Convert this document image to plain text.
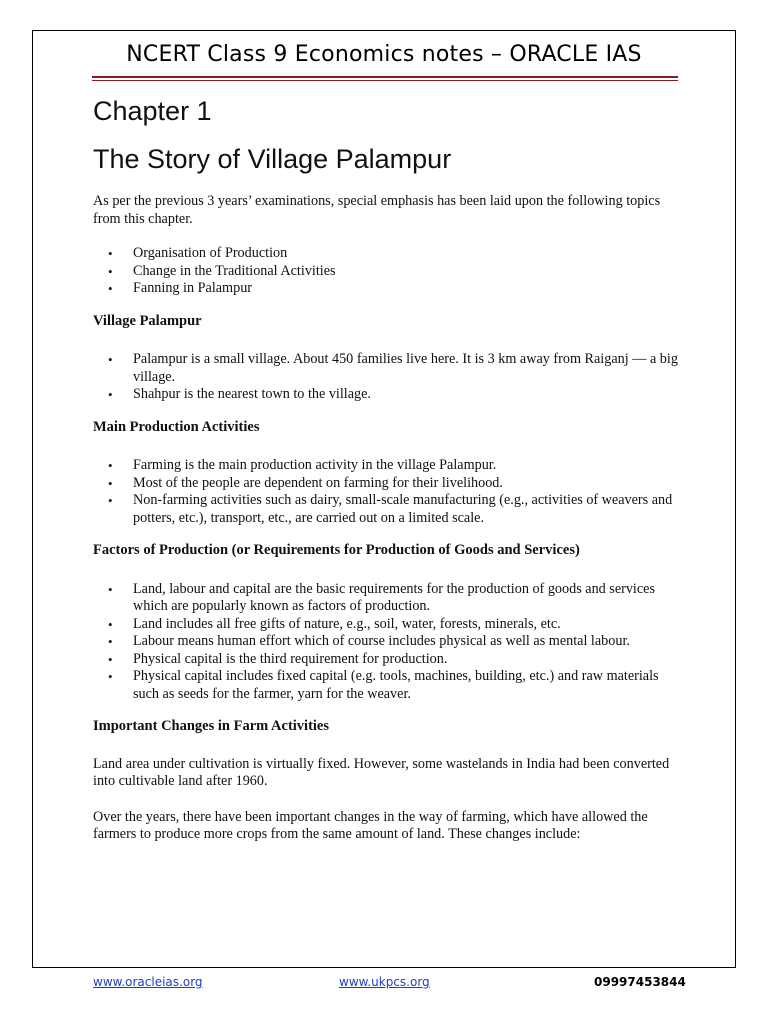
NCERT Class 9 Economics notes – ORACLE IAS
Chapter 1
The Story of Village Palampur

As per the previous 3 years’ examinations, special emphasis has been laid upon the following topics from this chapter.

• Organisation of Production
• Change in the Traditional Activities
• Fanning in Palampur
Village Palampur
• Palampur is a small village. About 450 families live here. It is 3 km away from Raiganj — a big village.
• Shahpur is the nearest town to the village.
Main Production Activities
• Farming is the main production activity in the village Palampur.
• Most of the people are dependent on farming for their livelihood.
• Non-farming activities such as dairy, small-scale manufacturing (e.g., activities of weavers and potters, etc.), transport, etc., are carried out on a limited scale.
Factors of Production (or Requirements for Production of Goods and Services)
• Land, labour and capital are the basic requirements for the production of goods and services which are popularly known as factors of production.
• Land includes all free gifts of nature, e.g., soil, water, forests, minerals, etc.
• Labour means human effort which of course includes physical as well as mental labour.
• Physical capital is the third requirement for production.
• Physical capital includes fixed capital (e.g. tools, machines, building, etc.) and raw materials such as seeds for the farmer, yarn for the weaver.
Important Changes in Farm Activities

Land area under cultivation is virtually fixed. However, some wastelands in India had been converted into cultivable land after 1960.

Over the years, there have been important changes in the way of farming, which have allowed the farmers to produce more crops from the same amount of land. These changes include:

www.oracleias.org	www.ukpcs.org	09997453844
